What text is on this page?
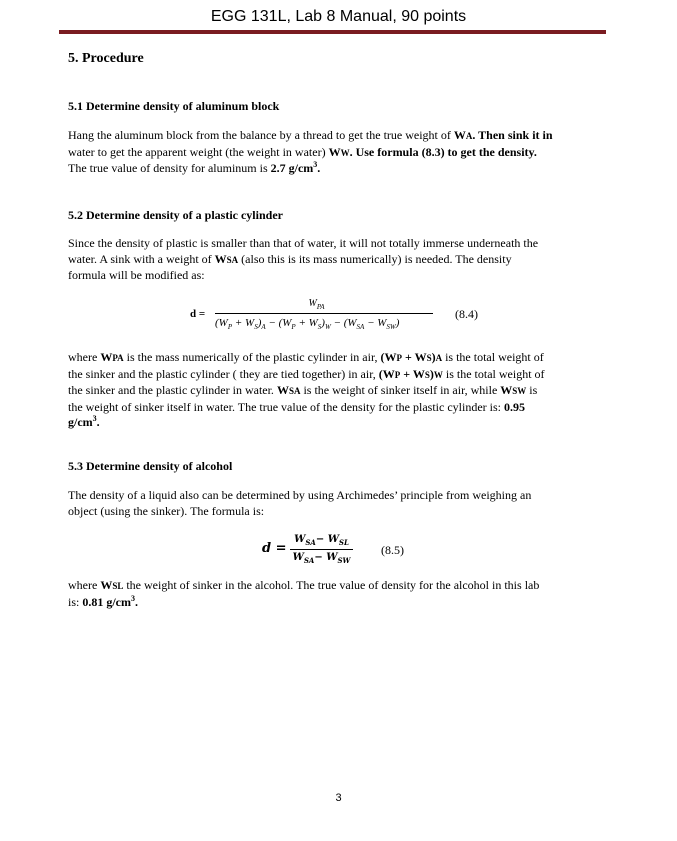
EGG 131L, Lab 8 Manual, 90 points
5. Procedure
5.1 Determine density of aluminum block
Hang the aluminum block from the balance by a thread to get the true weight of WA. Then sink it in
water to get the apparent weight (the weight in water) WW. Use formula (8.3) to get the density.
The true value of density for aluminum is 2.7 $g/cm^3$.
5.2 Determine density of a plastic cylinder
Since the density of plastic is smaller than that of water, it will not totally immerse underneath the
water. A sink with a weight of WSA (also this is its mass numerically) is needed. The density
formula will be modified as:
d =
$W_{PA}$
$(W_P + W_S)_A - (W_P + W_S)_W - (W_{SA} - W_{SW})$
(8.4)
where WPA is the mass numerically of the plastic cylinder in air, (WP + WS)A is the total weight of
the sinker and the plastic cylinder ( they are tied together) in air, (WP + WS)W is the total weight of
the sinker and the plastic cylinder in water. WSA is the weight of sinker itself in air, while WSW is
the weight of sinker itself in water. The true value of the density for the plastic cylinder is: 0.95
$g/cm^3$.
5.3 Determine density of alcohol
The density of a liquid also can be determined by using Archimedes’ principle from weighing an
object (using the sinker). The formula is:
d =
$W_{SA}- W_{SL}$
$W_{SA}- W_{SW}$
(8.5)
where WSL the weight of sinker in the alcohol. The true value of density for the alcohol in this lab
is: 0.81 $g/cm^3$.
3
